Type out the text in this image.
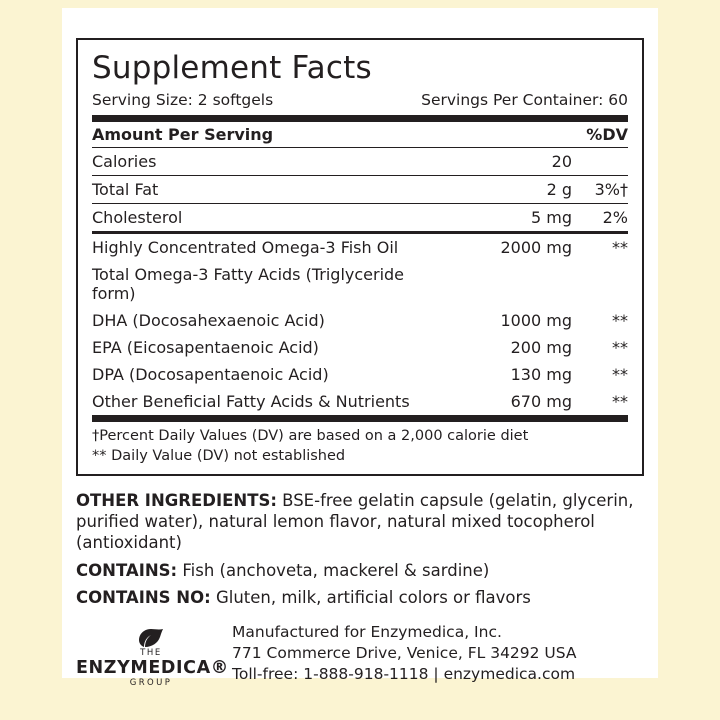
Supplement Facts
Serving Size: 2 softgels	Servings Per Container: 60
Amount Per Serving	%DV
Calories	20	
Total Fat	2 g	3%†
Cholesterol	5 mg	2%
Highly Concentrated Omega-3 Fish Oil	2000 mg	**
Total Omega-3 Fatty Acids (Triglyceride form)		
DHA (Docosahexaenoic Acid)	1000 mg	**
EPA (Eicosapentaenoic Acid)	200 mg	**
DPA (Docosapentaenoic Acid)	130 mg	**
Other Beneficial Fatty Acids & Nutrients	670 mg	**
†Percent Daily Values (DV) are based on a 2,000 calorie diet
** Daily Value (DV) not established

OTHER INGREDIENTS: BSE-free gelatin capsule (gelatin, glycerin, purified water), natural lemon flavor, natural mixed tocopherol (antioxidant)

CONTAINS: Fish (anchoveta, mackerel & sardine)

CONTAINS NO: Gluten, milk, artificial colors or flavors

THE
ENZYMEDICA®
GROUP
Manufactured for Enzymedica, Inc.
771 Commerce Drive, Venice, FL 34292 USA
Toll-free: 1-888-918-1118 | enzymedica.com
